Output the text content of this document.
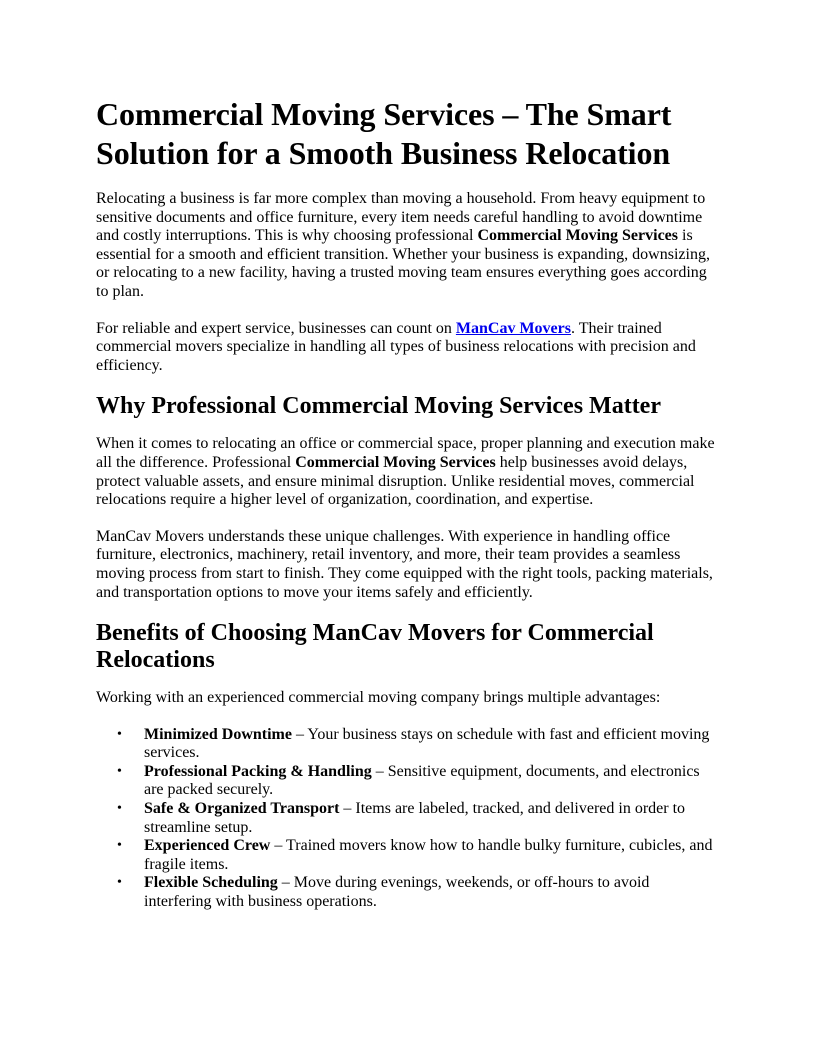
Commercial Moving Services – The Smart Solution for a Smooth Business Relocation

Relocating a business is far more complex than moving a household. From heavy equipment to sensitive documents and office furniture, every item needs careful handling to avoid downtime and costly interruptions. This is why choosing professional Commercial Moving Services is essential for a smooth and efficient transition. Whether your business is expanding, downsizing, or relocating to a new facility, having a trusted moving team ensures everything goes according to plan.

For reliable and expert service, businesses can count on ManCav Movers. Their trained commercial movers specialize in handling all types of business relocations with precision and efficiency.

Why Professional Commercial Moving Services Matter

When it comes to relocating an office or commercial space, proper planning and execution make all the difference. Professional Commercial Moving Services help businesses avoid delays, protect valuable assets, and ensure minimal disruption. Unlike residential moves, commercial relocations require a higher level of organization, coordination, and expertise.

ManCav Movers understands these unique challenges. With experience in handling office furniture, electronics, machinery, retail inventory, and more, their team provides a seamless moving process from start to finish. They come equipped with the right tools, packing materials, and transportation options to move your items safely and efficiently.

Benefits of Choosing ManCav Movers for Commercial Relocations

Working with an experienced commercial moving company brings multiple advantages:

• Minimized Downtime – Your business stays on schedule with fast and efficient moving services.
• Professional Packing & Handling – Sensitive equipment, documents, and electronics are packed securely.
• Safe & Organized Transport – Items are labeled, tracked, and delivered in order to streamline setup.
• Experienced Crew – Trained movers know how to handle bulky furniture, cubicles, and fragile items.
• Flexible Scheduling – Move during evenings, weekends, or off-hours to avoid interfering with business operations.
